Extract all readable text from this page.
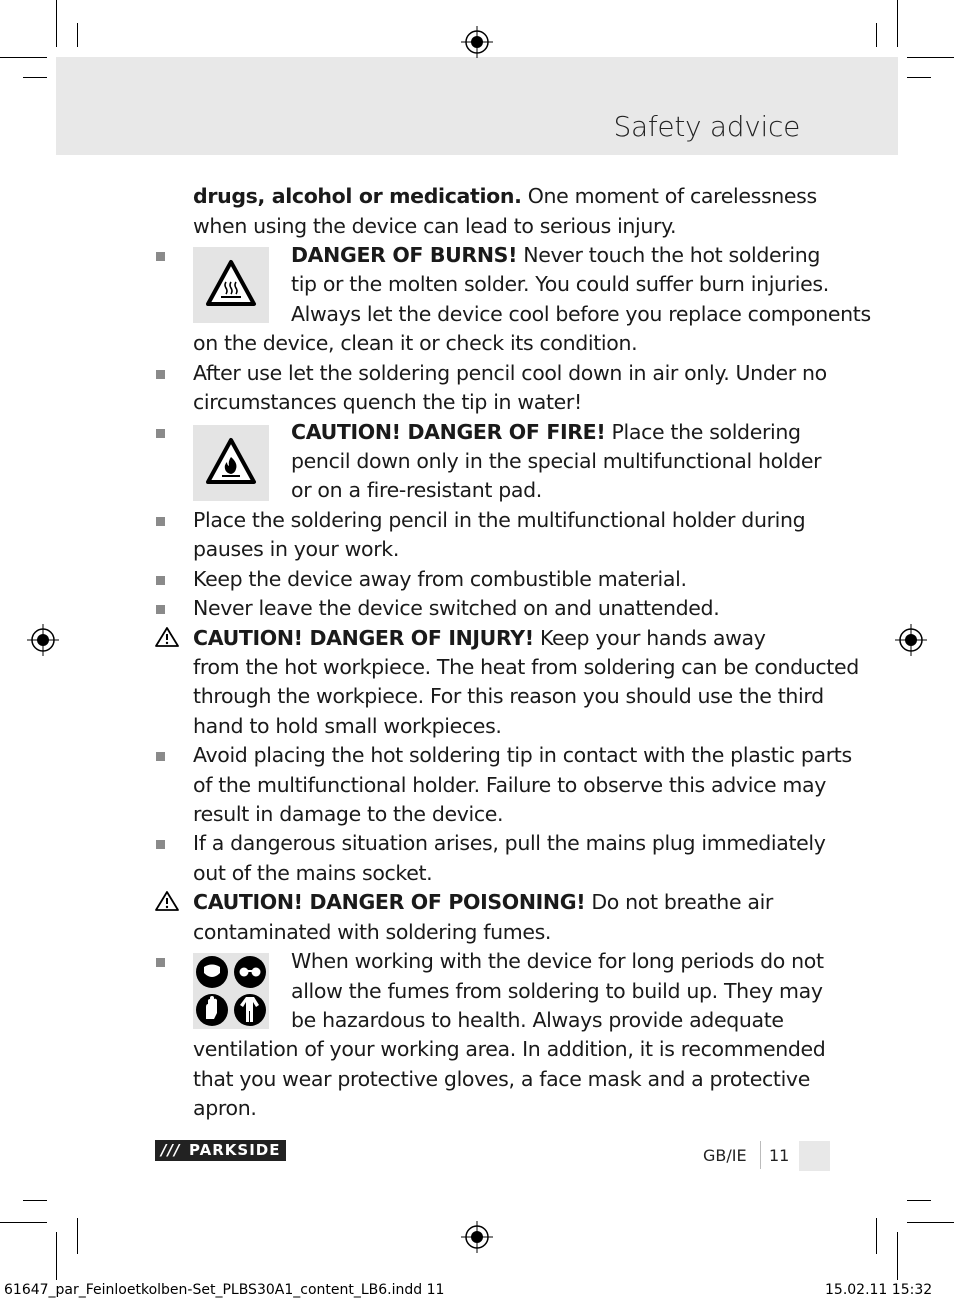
Safety advice
drugs, alcohol or medication. One moment of carelessness
when using the device can lead to serious injury.
DANGER OF BURNS! Never touch the hot soldering
tip or the molten solder. You could suffer burn injuries.
Always let the device cool before you replace components
on the device, clean it or check its condition.
After use let the soldering pencil cool down in air only. Under no
circumstances quench the tip in water!
CAUTION! DANGER OF FIRE! Place the soldering
pencil down only in the special multifunctional holder
or on a fire-resistant pad.
Place the soldering pencil in the multifunctional holder during
pauses in your work.
Keep the device away from combustible material.
Never leave the device switched on and unattended.
CAUTION! DANGER OF INJURY! Keep your hands away
from the hot workpiece. The heat from soldering can be conducted
through the workpiece. For this reason you should use the third
hand to hold small workpieces.
Avoid placing the hot soldering tip in contact with the plastic parts
of the multifunctional holder. Failure to observe this advice may
result in damage to the device.
If a dangerous situation arises, pull the mains plug immediately
out of the mains socket.
CAUTION! DANGER OF POISONING! Do not breathe air
contaminated with soldering fumes.
When working with the device for long periods do not
allow the fumes from soldering to build up. They may
be hazardous to health. Always provide adequate
ventilation of your working area. In addition, it is recommended
that you wear protective gloves, a face mask and a protective
apron.
/// PARKSIDE	GB/IE 11
61647_par_Feinloetkolben-Set_PLBS30A1_content_LB6.indd 11	15.02.11 15:32
